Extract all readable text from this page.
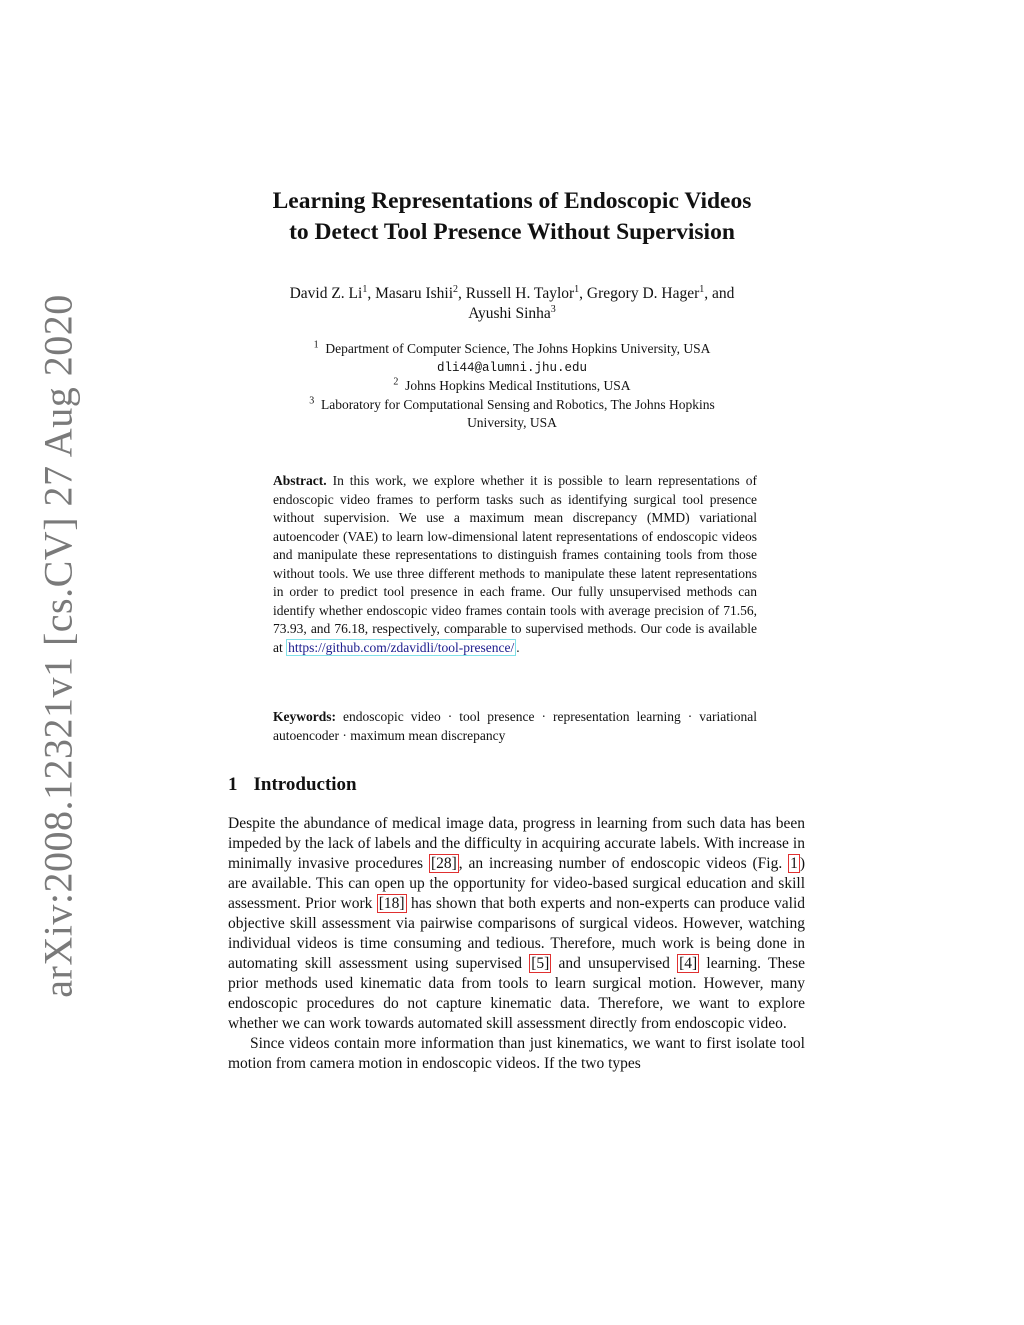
arXiv:2008.12321v1 [cs.CV] 27 Aug 2020
Learning Representations of Endoscopic Videos
to Detect Tool Presence Without Supervision
David Z. Li$^1$, Masaru Ishii$^2$, Russell H. Taylor$^1$, Gregory D. Hager$^1$, and
Ayushi Sinha$^3$
$^1$ Department of Computer Science, The Johns Hopkins University, USA
dli44@alumni.jhu.edu
$^2$ Johns Hopkins Medical Institutions, USA
$^3$ Laboratory for Computational Sensing and Robotics, The Johns Hopkins
University, USA
Abstract. In this work, we explore whether it is possible to learn representations of endoscopic video frames to perform tasks such as identifying surgical tool presence without supervision. We use a maximum mean discrepancy (MMD) variational autoencoder (VAE) to learn low-dimensional latent representations of endoscopic videos and manipulate these representations to distinguish frames containing tools from those without tools. We use three different methods to manipulate these latent representations in order to predict tool presence in each frame. Our fully unsupervised methods can identify whether endoscopic video frames contain tools with average precision of 71.56, 73.93, and 76.18, respectively, comparable to supervised methods. Our code is available at https://github.com/zdavidli/tool-presence/ .
Keywords: endoscopic video · tool presence · representation learning · variational autoencoder · maximum mean discrepancy
1 Introduction

Despite the abundance of medical image data, progress in learning from such data has been impeded by the lack of labels and the difficulty in acquiring accurate labels. With increase in minimally invasive procedures [28] , an increasing number of endoscopic videos (Fig. 1 ) are available. This can open up the opportunity for video-based surgical education and skill assessment. Prior work [18] has shown that both experts and non-experts can produce valid objective skill assessment via pairwise comparisons of surgical videos. However, watching individual videos is time consuming and tedious. Therefore, much work is being done in automating skill assessment using supervised [5] and unsupervised [4] learning. These prior methods used kinematic data from tools to learn surgical motion. However, many endoscopic procedures do not capture kinematic data. Therefore, we want to explore whether we can work towards automated skill assessment directly from endoscopic video.

Since videos contain more information than just kinematics, we want to first isolate tool motion from camera motion in endoscopic videos. If the two types
